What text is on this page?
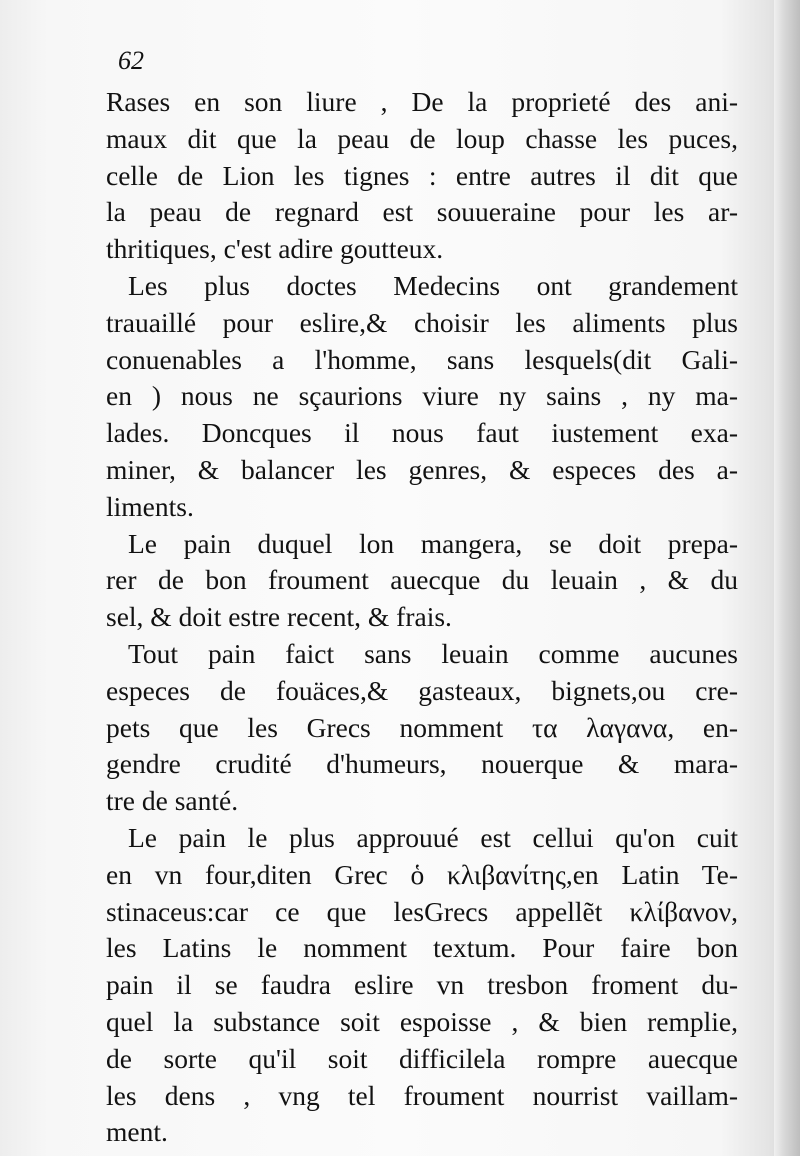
62
Rases en son liure , De la proprieté des ani-
maux dit que la peau de loup chasse les puces,
celle de Lion les tignes : entre autres il dit que
la peau de regnard est souueraine pour les ar-
thritiques, c'est adire goutteux.
Les plus doctes Medecins ont grandement
trauaillé pour eslire,& choisir les aliments plus
conuenables a l'homme, sans lesquels(dit Gali-
en ) nous ne sçaurions viure ny sains , ny ma-
lades. Doncques il nous faut iustement exa-
miner, & balancer les genres, & especes des a-
liments.
Le pain duquel lon mangera, se doit prepa-
rer de bon froument auecque du leuain , & du
sel, & doit estre recent, & frais.
Tout pain faict sans leuain comme aucunes
especes de fouäces,& gasteaux, bignets,ou cre-
pets que les Grecs nomment τα λαγανα, en-
gendre crudité d'humeurs, nouerque & mara-
tre de santé.
Le pain le plus approuué est cellui qu'on cuit
en vn four,diten Grec ὁ κλιβανίτης,en Latin Te-
stinaceus:car ce que lesGrecs appellẽt κλίβανον,
les Latins le nomment textum. Pour faire bon
pain il se faudra eslire vn tresbon froment du-
quel la substance soit espoisse , & bien remplie,
de sorte qu'il soit difficilela rompre auecque
les dens , vng tel froument nourrist vaillam-
ment.
